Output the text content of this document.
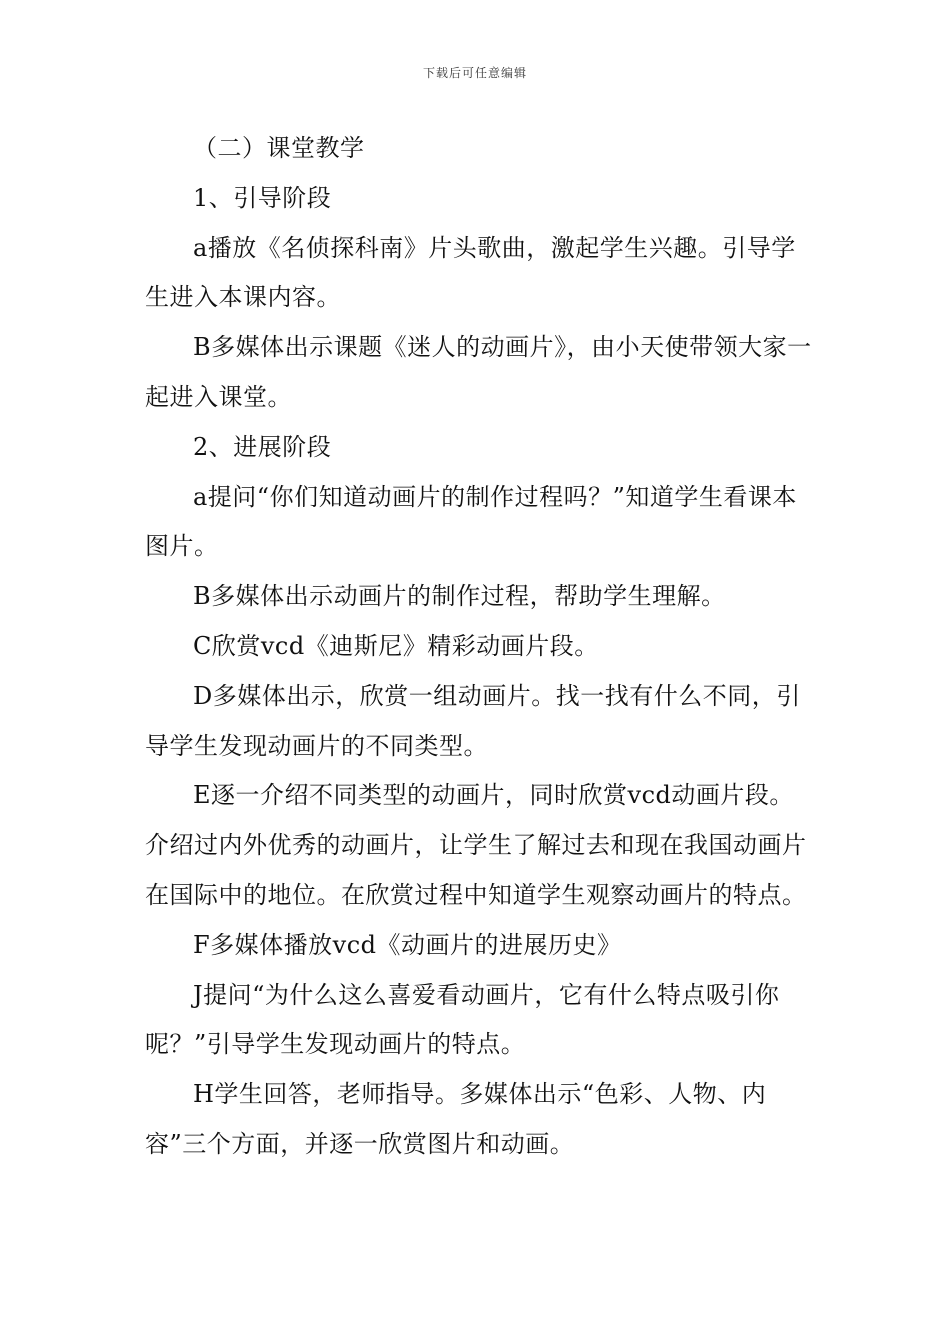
下载后可任意编辑

（二）课堂教学

1、引导阶段

a播放《名侦探科南》片头歌曲，激起学生兴趣。引导学生进入本课内容。

B多媒体出示课题《迷人的动画片》，由小天使带领大家一起进入课堂。

2、进展阶段

a提问“你们知道动画片的制作过程吗？”知道学生看课本图片。

B多媒体出示动画片的制作过程，帮助学生理解。

C欣赏vcd《迪斯尼》精彩动画片段。

D多媒体出示，欣赏一组动画片。找一找有什么不同，引导学生发现动画片的不同类型。

E逐一介绍不同类型的动画片，同时欣赏vcd动画片段。介绍过内外优秀的动画片，让学生了解过去和现在我国动画片在国际中的地位。在欣赏过程中知道学生观察动画片的特点。

F多媒体播放vcd《动画片的进展历史》

J提问“为什么这么喜爱看动画片，它有什么特点吸引你呢？”引导学生发现动画片的特点。

H学生回答，老师指导。多媒体出示“色彩、人物、内容”三个方面，并逐一欣赏图片和动画。
